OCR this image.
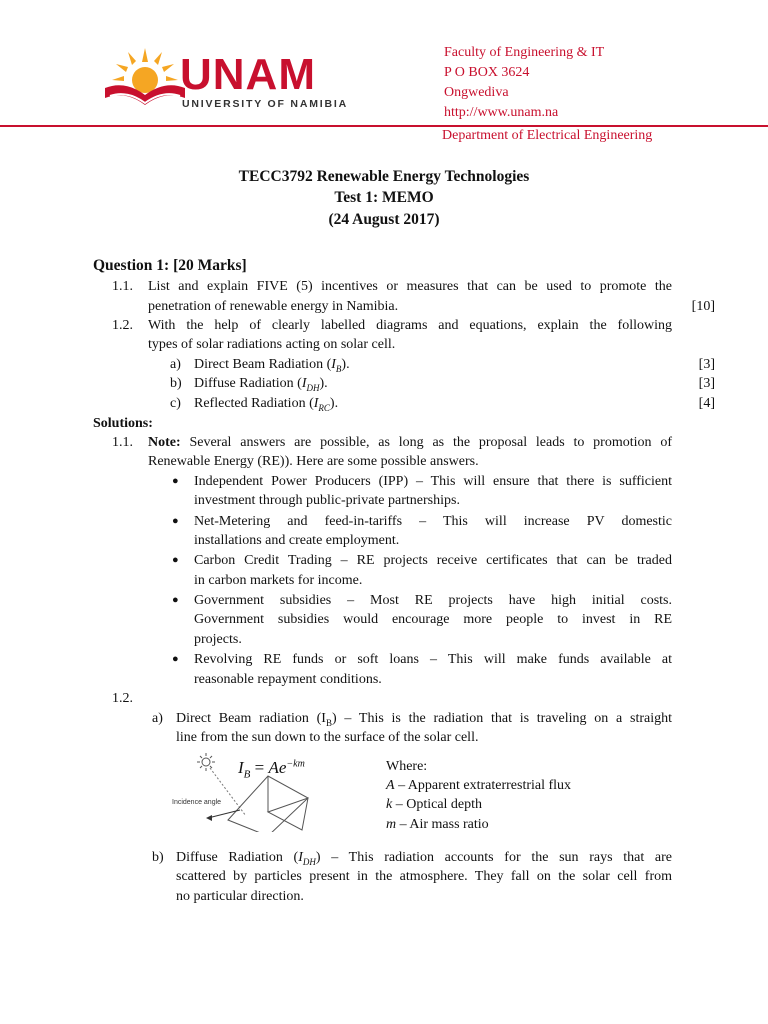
UNAM
UNIVERSITY OF NAMIBIA
Faculty of Engineering & IT
P O BOX 3624
Ongwediva
http://www.unam.na
Department of Electrical Engineering
TECC3792 Renewable Energy Technologies
Test 1: MEMO
(24 August 2017)
Question 1: [20 Marks]
1.1. List and explain FIVE (5) incentives or measures that can be used to promote the
penetration of renewable energy in Namibia.	[10]
1.2. With the help of clearly labelled diagrams and equations, explain the following
types of solar radiations acting on solar cell.
a) Direct Beam Radiation $(I_B)$.	[3]
b) Diffuse Radiation $(I_{DH})$.	[3]
c) Reflected Radiation $(I_{RC})$.	[4]
Solutions:
1.1. Note: Several answers are possible, as long as the proposal leads to promotion of
Renewable Energy (RE)). Here are some possible answers.
● Independent Power Producers (IPP) – This will ensure that there is sufficient
investment through public-private partnerships.
● Net-Metering and feed-in-tariffs – This will increase PV domestic
installations and create employment.
● Carbon Credit Trading – RE projects receive certificates that can be traded
in carbon markets for income.
● Government subsidies – Most RE projects have high initial costs.
Government subsidies would encourage more people to invest in RE
projects.
● Revolving RE funds or soft loans – This will make funds available at
reasonable repayment conditions.
1.2.
a) Direct Beam radiation $(I_B)$ – This is the radiation that is traveling on a straight
line from the sun down to the surface of the solar cell.
Incidence angle
$I_B = Ae^{-km}$	Where:
A – Apparent extraterrestrial flux
k – Optical depth
m – Air mass ratio
b) Diffuse Radiation $(I_{DH})$ – This radiation accounts for the sun rays that are
scattered by particles present in the atmosphere. They fall on the solar cell from
no particular direction.
